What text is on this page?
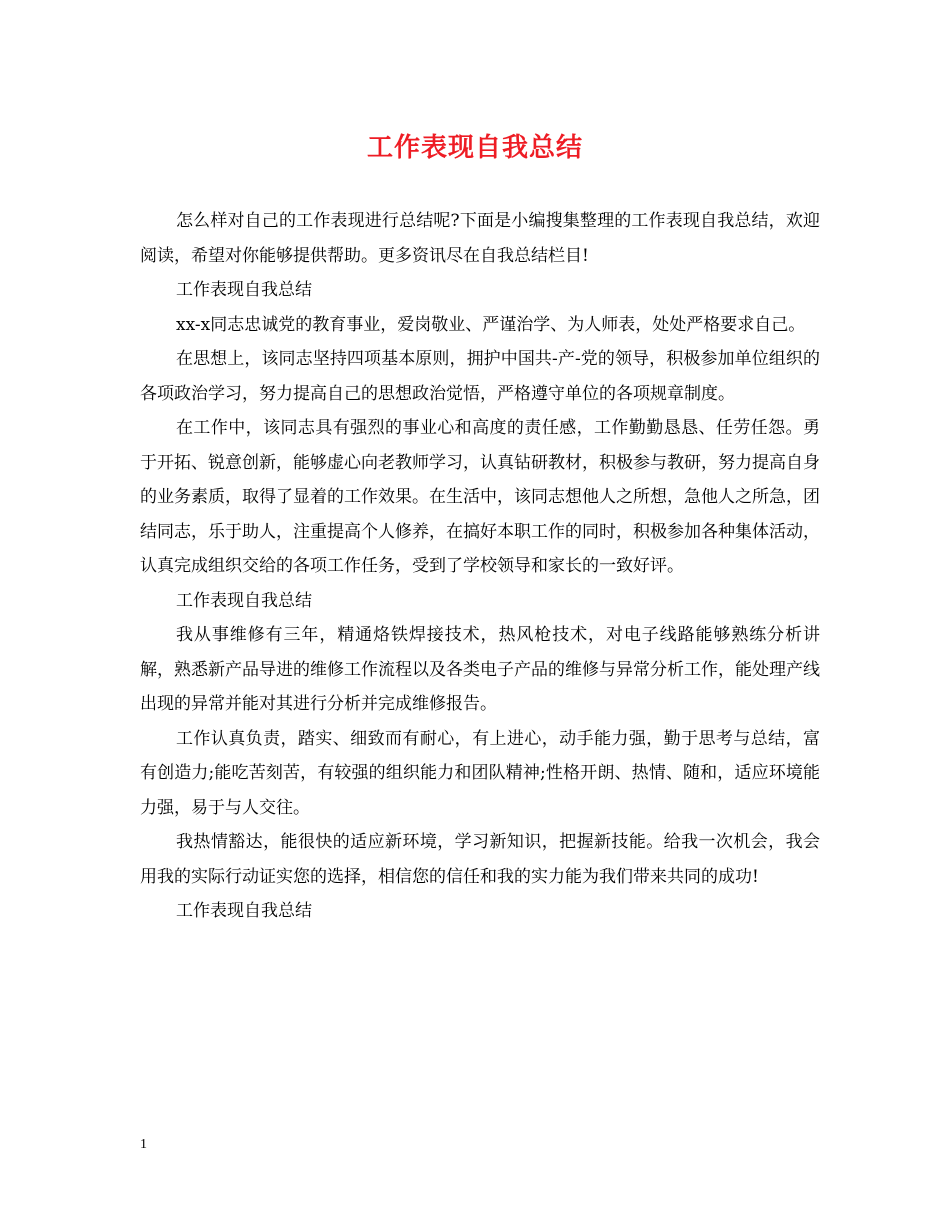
工作表现自我总结

怎么样对自己的工作表现进行总结呢?下面是小编搜集整理的工作表现自我总结，欢迎阅读，希望对你能够提供帮助。更多资讯尽在自我总结栏目!

工作表现自我总结

xx-x同志忠诚党的教育事业，爱岗敬业、严谨治学、为人师表，处处严格要求自己。

在思想上，该同志坚持四项基本原则，拥护中国共-产-党的领导，积极参加单位组织的各项政治学习，努力提高自己的思想政治觉悟，严格遵守单位的各项规章制度。

在工作中，该同志具有强烈的事业心和高度的责任感，工作勤勤恳恳、任劳任怨。勇于开拓、锐意创新，能够虚心向老教师学习，认真钻研教材，积极参与教研，努力提高自身的业务素质，取得了显着的工作效果。在生活中，该同志想他人之所想，急他人之所急，团结同志，乐于助人，注重提高个人修养，在搞好本职工作的同时，积极参加各种集体活动，认真完成组织交给的各项工作任务，受到了学校领导和家长的一致好评。

工作表现自我总结

我从事维修有三年，精通烙铁焊接技术，热风枪技术，对电子线路能够熟练分析讲解，熟悉新产品导进的维修工作流程以及各类电子产品的维修与异常分析工作，能处理产线出现的异常并能对其进行分析并完成维修报告。

工作认真负责，踏实、细致而有耐心，有上进心，动手能力强，勤于思考与总结，富有创造力;能吃苦刻苦，有较强的组织能力和团队精神;性格开朗、热情、随和，适应环境能力强，易于与人交往。

我热情豁达，能很快的适应新环境，学习新知识，把握新技能。给我一次机会，我会用我的实际行动证实您的选择，相信您的信任和我的实力能为我们带来共同的成功!

工作表现自我总结

1
